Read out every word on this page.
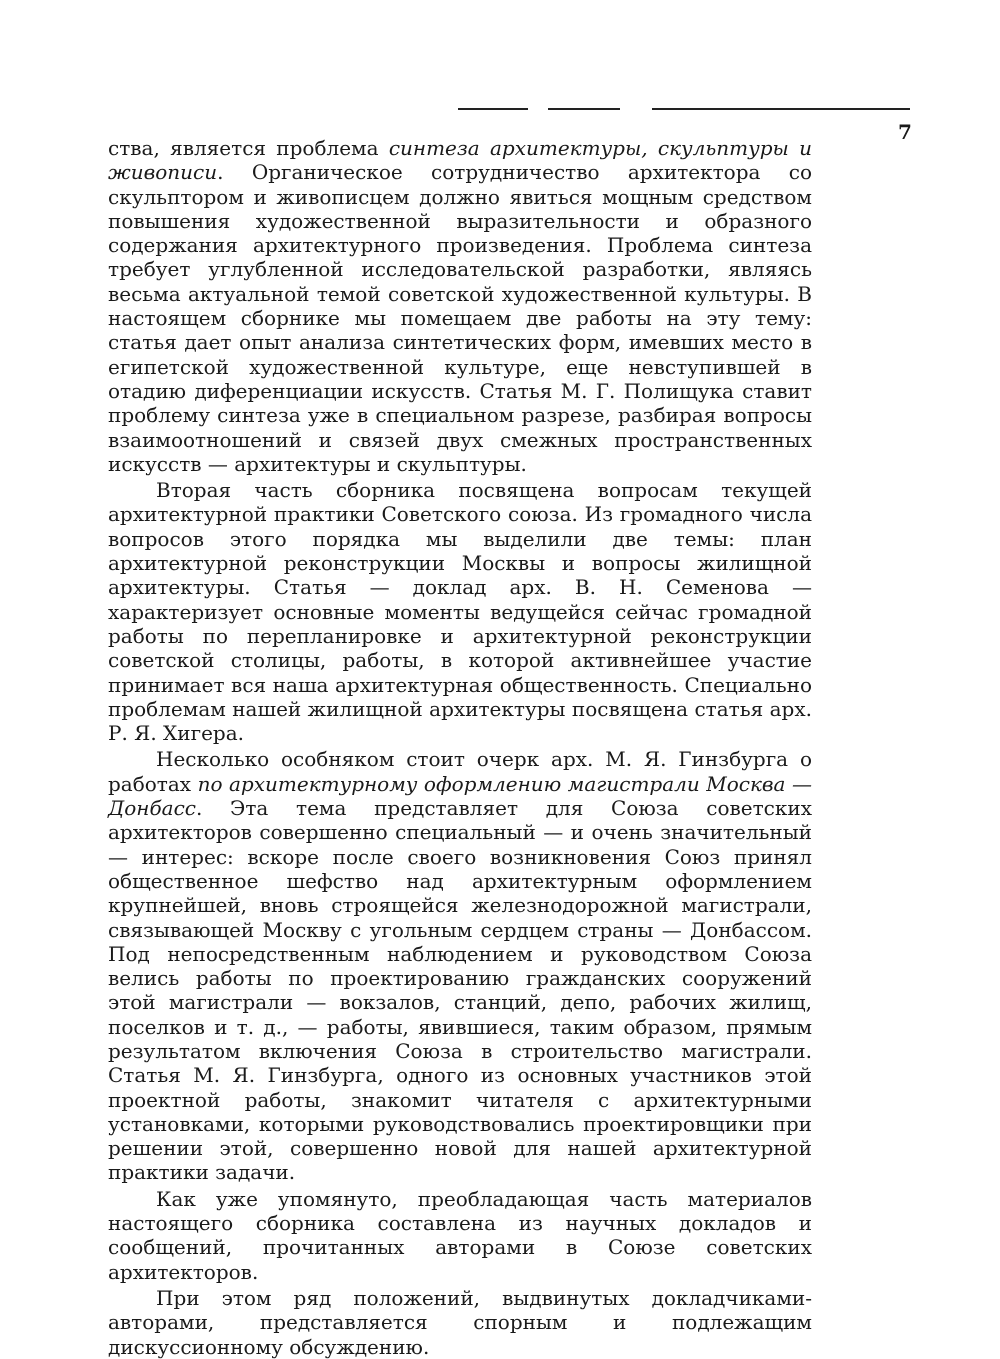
7

ства, является проблема синтеза архитектуры, скульптуры и живописи. Органическое сотрудничество архитектора со скульптором и живописцем должно явиться мощным средством повышения художественной выразительности и образного содержания архитектурного произведения. Проблема синтеза требует углубленной исследовательской разработки, являясь весьма актуальной темой советской художественной культуры. В настоящем сборнике мы помещаем две работы на эту тему: статья дает опыт анализа синтетических форм, имевших место в египетской художественной культуре, еще невступившей в отадию диференциации искусств. Статья М. Г. Полищука ставит проблему синтеза уже в специальном разрезе, разбирая вопросы взаимоотношений и связей двух смежных пространственных искусств — архитектуры и скульптуры.

Вторая часть сборника посвящена вопросам текущей архитектурной практики Советского союза. Из громадного числа вопросов этого порядка мы выделили две темы: план архитектурной реконструкции Москвы и вопросы жилищной архитектуры. Статья — доклад арх. В. Н. Семенова — характеризует основные моменты ведущейся сейчас громадной работы по перепланировке и архитектурной реконструкции советской столицы, работы, в которой активнейшее участие принимает вся наша архитектурная общественность. Специально проблемам нашей жилищной архитектуры посвящена статья арх. Р. Я. Хигера.

Несколько особняком стоит очерк арх. М. Я. Гинзбурга о работах по архитектурному оформлению магистрали Москва — Донбасс. Эта тема представляет для Союза советских архитекторов совершенно специальный — и очень значительный — интерес: вскоре после своего возникновения Союз принял общественное шефство над архитектурным оформлением крупнейшей, вновь строящейся железнодорожной магистрали, связывающей Москву с угольным сердцем страны — Донбассом. Под непосредственным наблюдением и руководством Союза велись работы по проектированию гражданских сооружений этой магистрали — вокзалов, станций, депо, рабочих жилищ, поселков и т. д., — работы, явившиеся, таким образом, прямым результатом включения Союза в строительство магистрали. Статья М. Я. Гинзбурга, одного из основных участников этой проектной работы, знакомит читателя с архитектурными установками, которыми руководствовались проектировщики при решении этой, совершенно новой для нашей архитектурной практики задачи.

Как уже упомянуто, преобладающая часть материалов настоящего сборника составлена из научных докладов и сообщений, прочитанных авторами в Союзе советских архитекторов.

При этом ряд положений, выдвинутых докладчиками-авторами, представляется спорным и подлежащим дискуссионному обсуждению.
